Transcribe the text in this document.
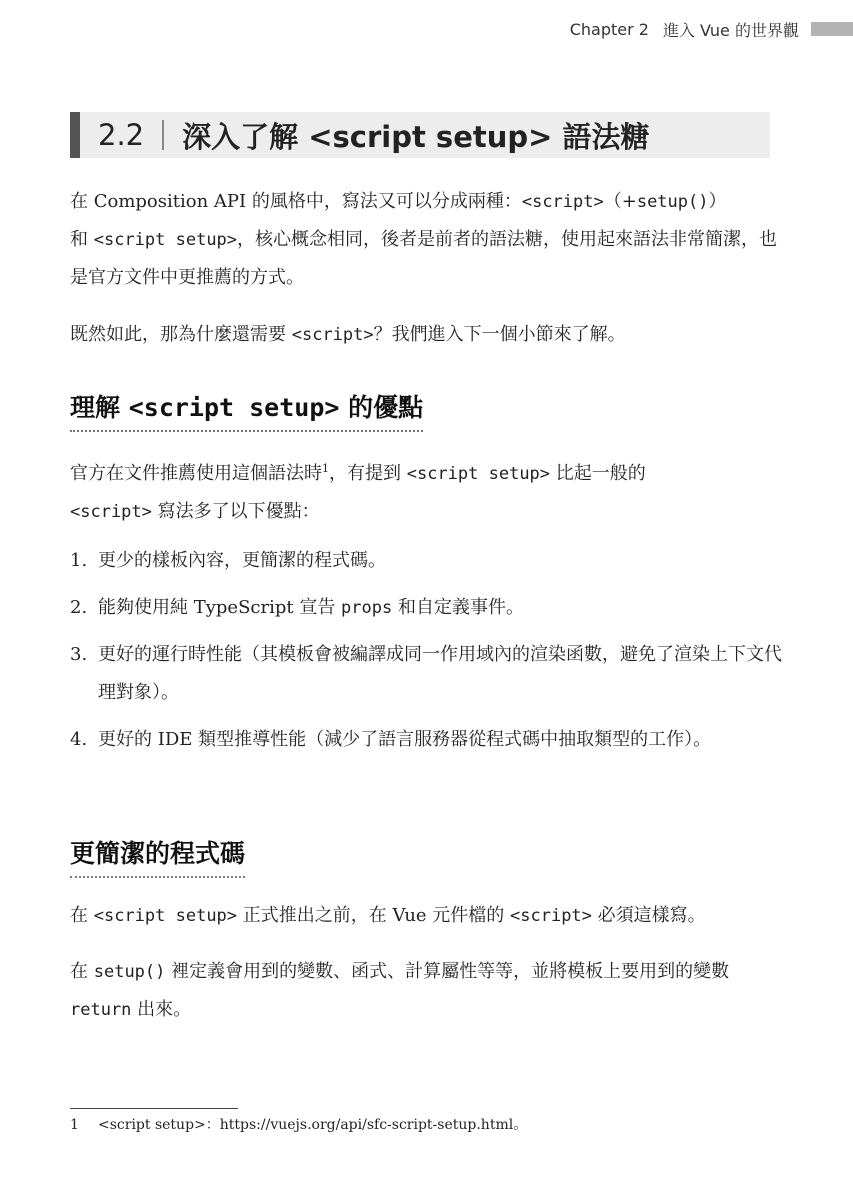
Chapter 2 進入 Vue 的世界觀
2.2 深入了解 <script setup> 語法糖

在 Composition API 的風格中，寫法又可以分成兩種：<script>（+setup()）
和 <script setup>，核心概念相同，後者是前者的語法糖，使用起來語法非常簡潔，也是官方文件中更推薦的方式。

既然如此，那為什麼還需要 <script>？我們進入下一個小節來了解。

理解 <script setup> 的優點

官方在文件推薦使用這個語法時$^1$，有提到 <script setup> 比起一般的
<script> 寫法多了以下優點：

1. 更少的樣板內容，更簡潔的程式碼。
2. 能夠使用純 TypeScript 宣告 props 和自定義事件。
3. 更好的運行時性能（其模板會被編譯成同一作用域內的渲染函數，避免了渲染上下文代理對象）。
4. 更好的 IDE 類型推導性能（減少了語言服務器從程式碼中抽取類型的工作）。
更簡潔的程式碼

在 <script setup> 正式推出之前，在 Vue 元件檔的 <script> 必須這樣寫。

在 setup() 裡定義會用到的變數、函式、計算屬性等等，並將模板上要用到的變數 return 出來。

1 <script setup>：https://vuejs.org/api/sfc-script-setup.html。
